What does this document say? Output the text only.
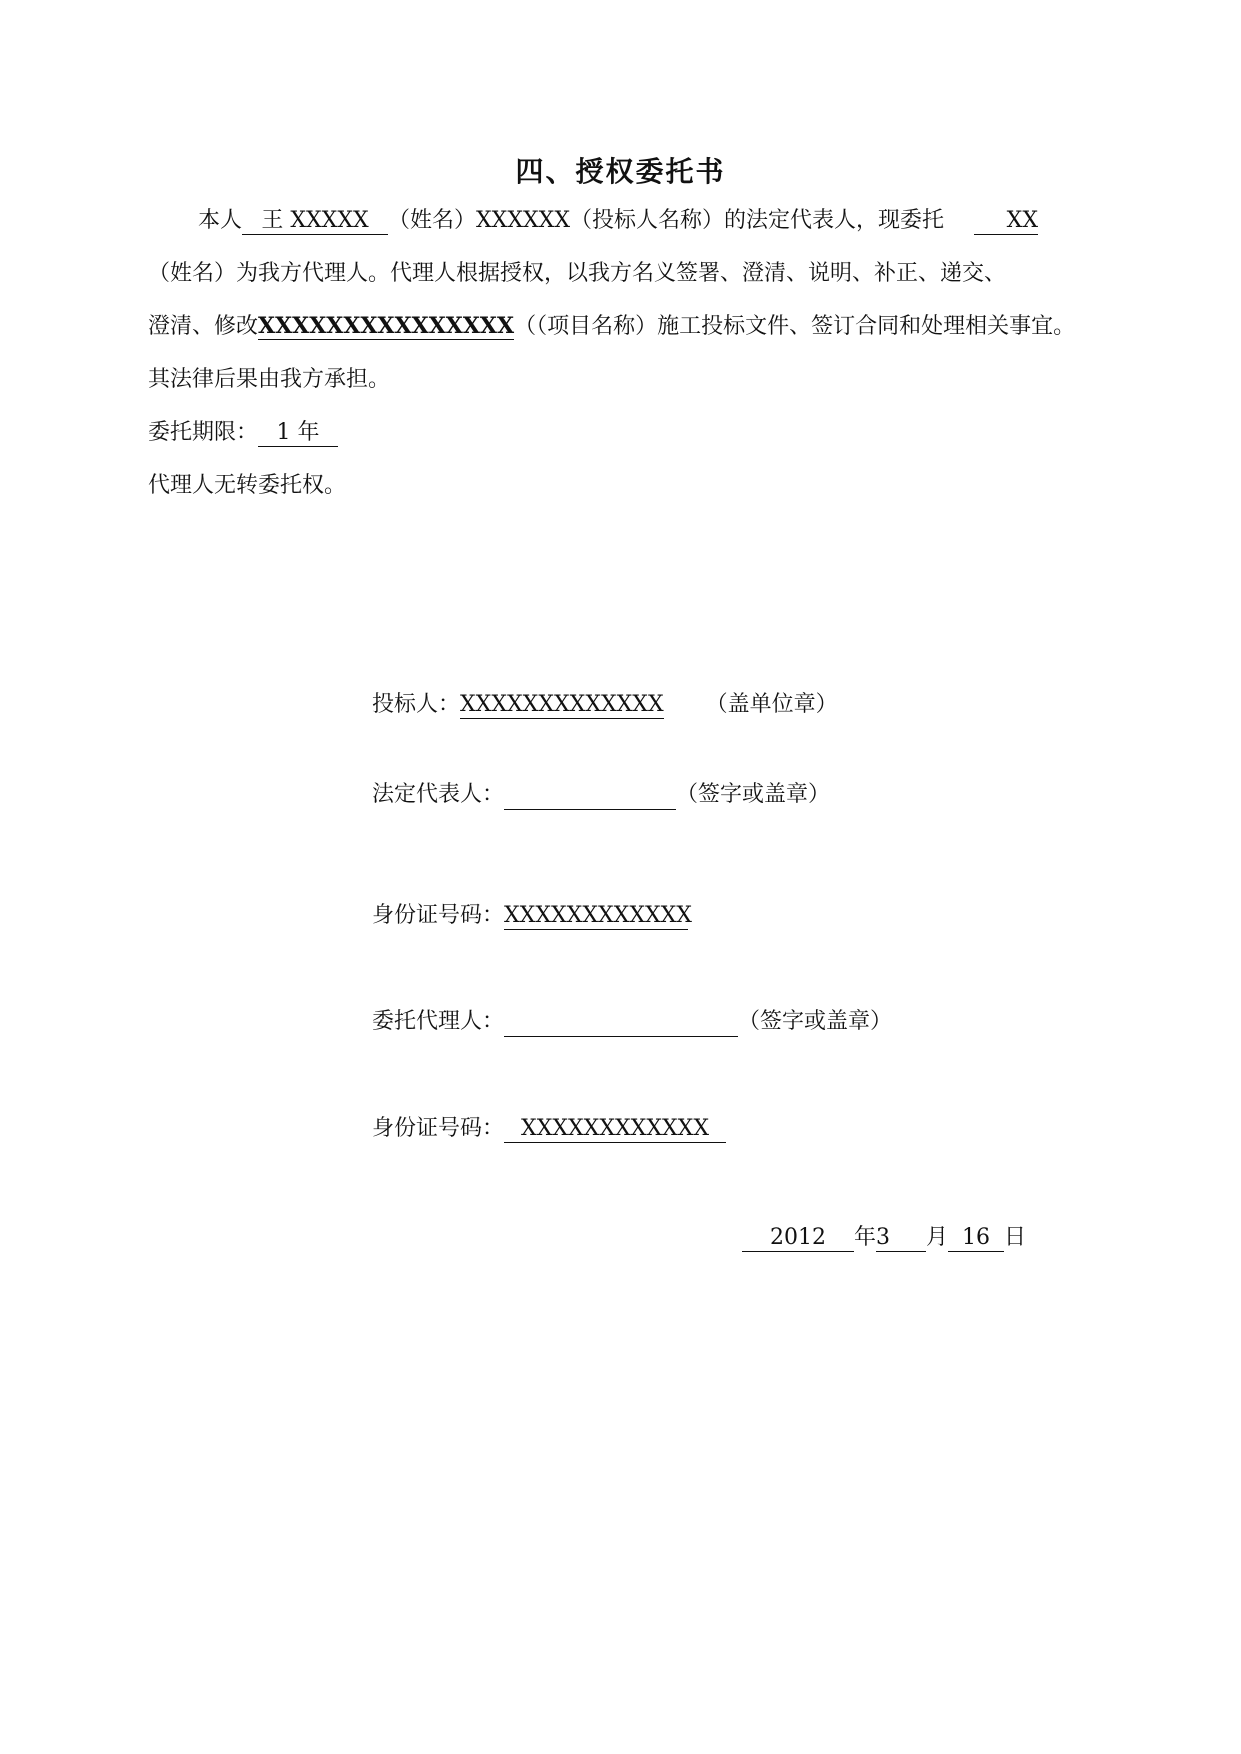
四、授权委托书
本人 王 XXXXX （姓名）XXXXXX（投标人名称）的法定代表人，现委托	XX
（姓名）为我方代理人。代理人根据授权，以我方名义签署、澄清、说明、补正、递交、
澄清、修改XXXXXXXXXXXXXXX（（项目名称）施工投标文件、签订合同和处理相关事宜。
其法律后果由我方承担。
委托期限： 1 年
代理人无转委托权。
投标人：XXXXXXXXXXXXX （盖单位章）
法定代表人：	（签字或盖章）
身份证号码：XXXXXXXXXXXX
委托代理人：	（签字或盖章）
身份证号码： XXXXXXXXXXXX
2012 年3 月 16 日
